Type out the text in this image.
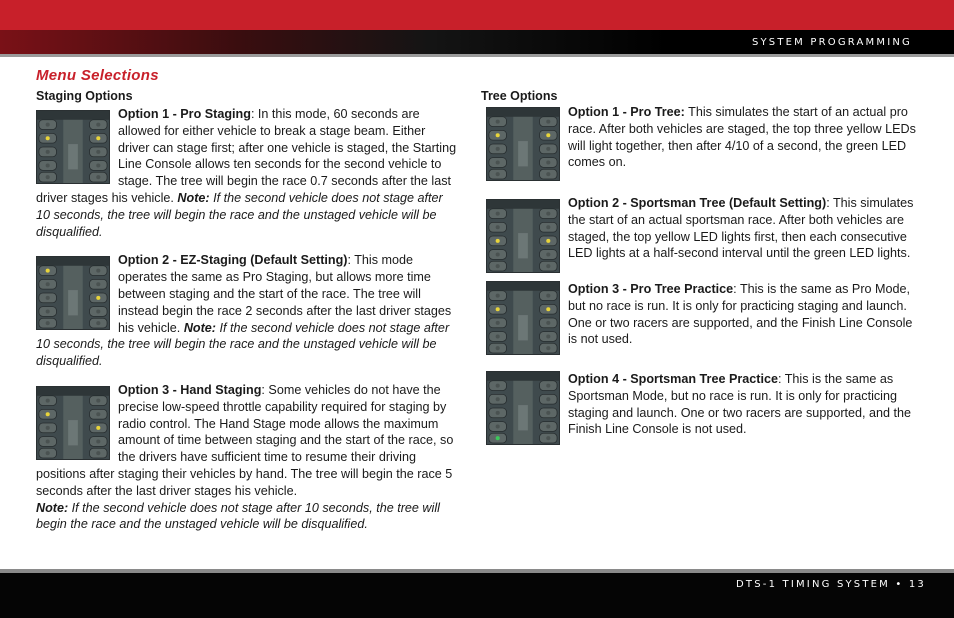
SYSTEM PROGRAMMING
Menu Selections
Staging Options	Tree Options

Option 1 - Pro Staging: In this mode, 60 seconds are allowed for either vehicle to break a stage beam. Either driver can stage first; after one vehicle is staged, the Starting Line Console allows ten seconds for the second vehicle to stage. The tree will begin the race 0.7 seconds after the last driver stages his vehicle. Note: If the second vehicle does not stage after 10 seconds, the tree will begin the race and the unstaged vehicle will be disqualified.

Option 2 - EZ-Staging (Default Setting): This mode operates the same as Pro Staging, but allows more time between staging and the start of the race. The tree will instead begin the race 2 seconds after the last driver stages his vehicle. Note: If the second vehicle does not stage after 10 seconds, the tree will begin the race and the unstaged vehicle will be disqualified.

Option 3 - Hand Staging: Some vehicles do not have the precise low-speed throttle capability required for staging by radio control. The Hand Stage mode allows the maximum amount of time between staging and the start of the race, so the drivers have sufficient time to resume their driving positions after staging their vehicles by hand. The tree will begin the race 5 seconds after the last driver stages his vehicle.
Note: If the second vehicle does not stage after 10 seconds, the tree will begin the race and the unstaged vehicle will be disqualified.

Option 1 - Pro Tree: This simulates the start of an actual pro race. After both vehicles are staged, the top three yellow LEDs will light together, then after 4/10 of a second, the green LED comes on.

Option 2 - Sportsman Tree (Default Setting): This simulates the start of an actual sportsman race. After both vehicles are staged, the top yellow LED lights first, then each consecutive LED lights at a half-second interval until the green LED lights.

Option 3 - Pro Tree Practice: This is the same as Pro Mode, but no race is run. It is only for practicing staging and launch. One or two racers are supported, and the Finish Line Console is not used.

Option 4 - Sportsman Tree Practice: This is the same as Sportsman Mode, but no race is run. It is only for practicing staging and launch. One or two racers are supported, and the Finish Line Console is not used.

DTS-1 TIMING SYSTEM • 13
